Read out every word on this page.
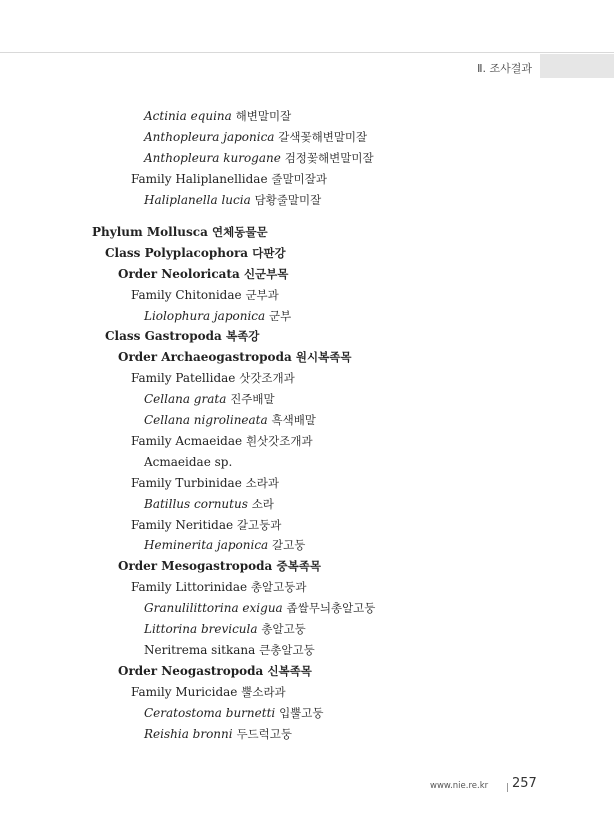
Ⅱ. 조사결과
Actinia equina 해변말미잘
Anthopleura japonica 갈색꽃해변말미잘
Anthopleura kurogane 검정꽃해변말미잘
Family Haliplanellidae 줄말미잘과
Haliplanella lucia 담황줄말미잘
Phylum Mollusca 연체동물문
Class Polyplacophora 다판강
Order Neoloricata 신군부목
Family Chitonidae 군부과
Liolophura japonica 군부
Class Gastropoda 복족강
Order Archaeogastropoda 원시복족목
Family Patellidae 삿갓조개과
Cellana grata 진주배말
Cellana nigrolineata 흑색배말
Family Acmaeidae 흰삿갓조개과
Acmaeidae sp.
Family Turbinidae 소라과
Batillus cornutus 소라
Family Neritidae 갈고둥과
Heminerita japonica 갈고둥
Order Mesogastropoda 중복족목
Family Littorinidae 총알고둥과
Granulilittorina exigua 좁쌀무늬총알고둥
Littorina brevicula 총알고둥
Neritrema sitkana 큰총알고둥
Order Neogastropoda 신복족목
Family Muricidae 뿔소라과
Ceratostoma burnetti 입뿔고둥
Reishia bronni 두드럭고둥
www.nie.re.kr 257
